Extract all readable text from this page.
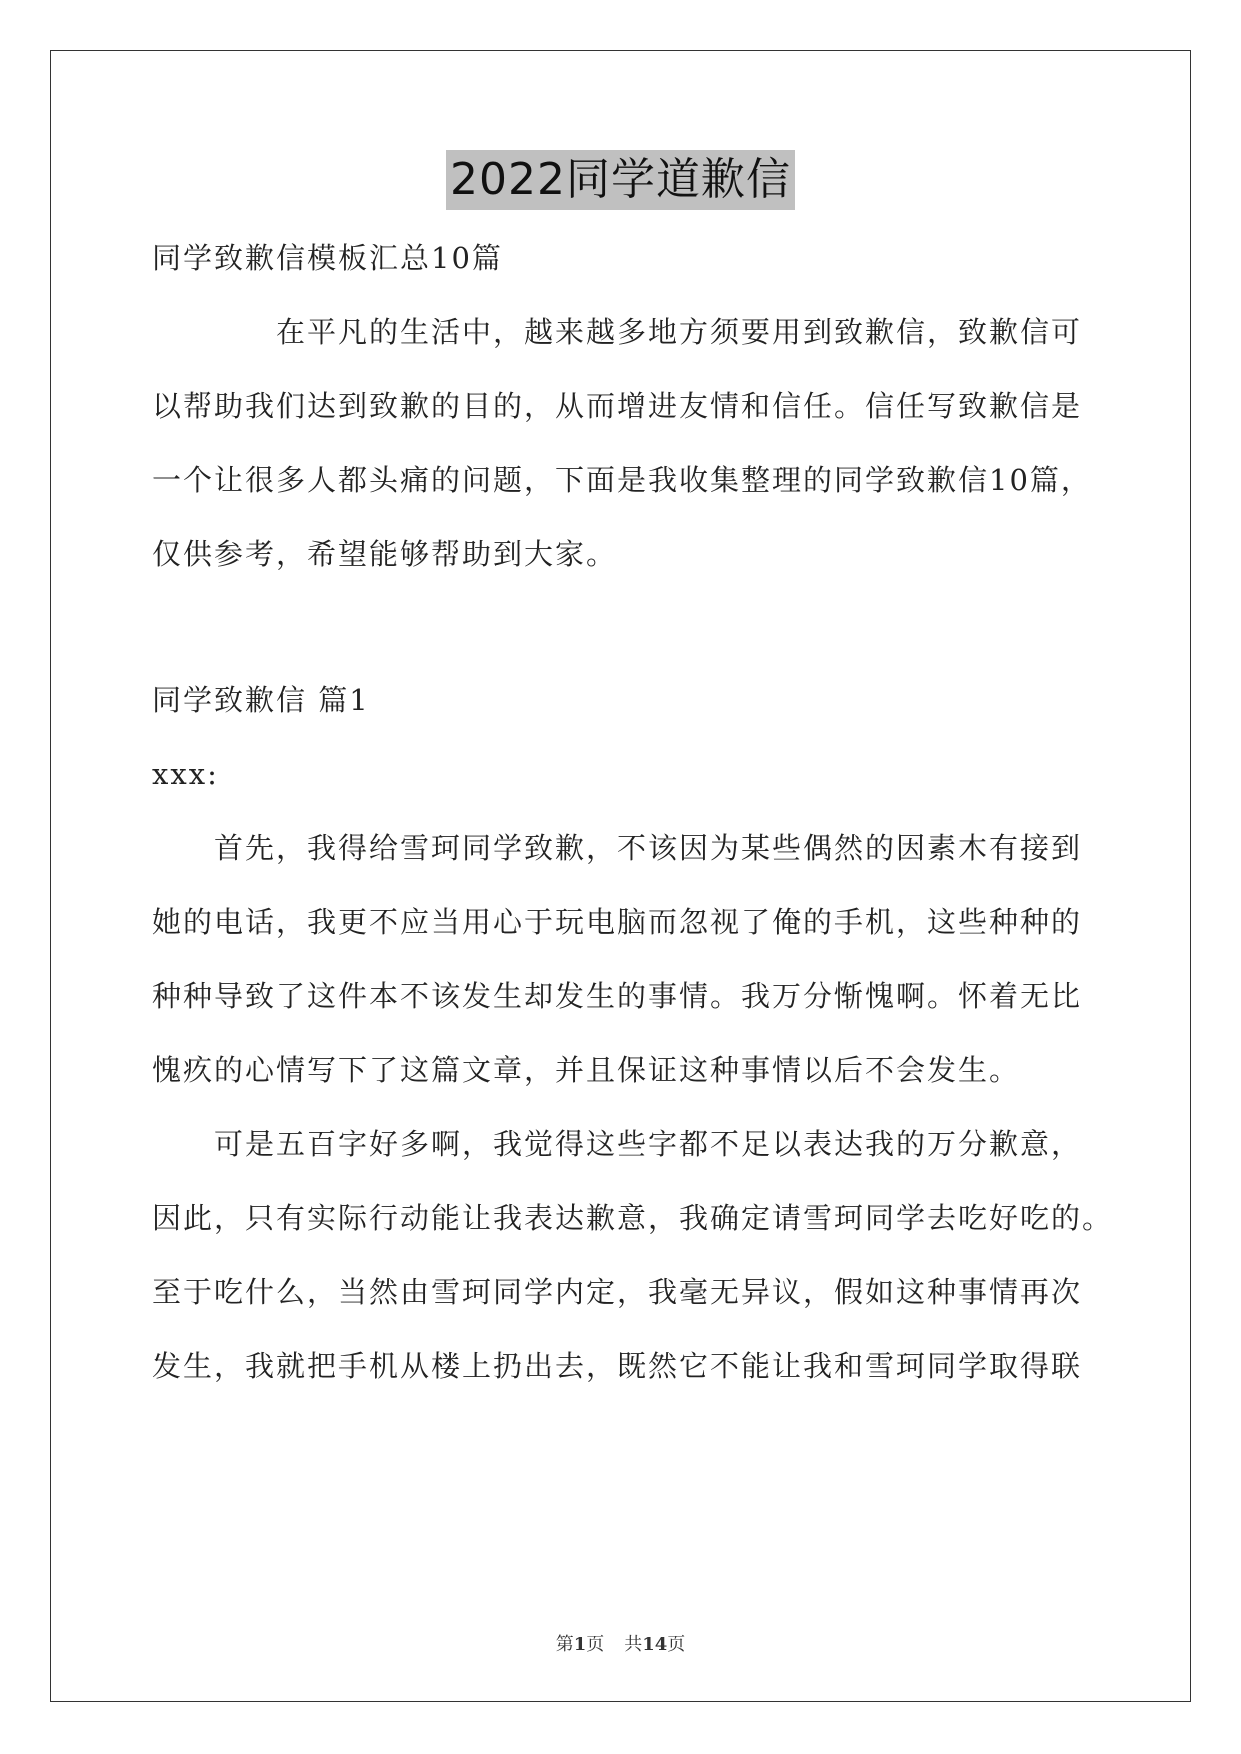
2022同学道歉信
同学致歉信模板汇总10篇
在平凡的生活中，越来越多地方须要用到致歉信，致歉信可
以帮助我们达到致歉的目的，从而增进友情和信任。信任写致歉信是
一个让很多人都头痛的问题，下面是我收集整理的同学致歉信10篇，
仅供参考，希望能够帮助到大家。
同学致歉信 篇1
xxx:
首先，我得给雪珂同学致歉，不该因为某些偶然的因素木有接到
她的电话，我更不应当用心于玩电脑而忽视了俺的手机，这些种种的
种种导致了这件本不该发生却发生的事情。我万分惭愧啊。怀着无比
愧疚的心情写下了这篇文章，并且保证这种事情以后不会发生。
可是五百字好多啊，我觉得这些字都不足以表达我的万分歉意，
因此，只有实际行动能让我表达歉意，我确定请雪珂同学去吃好吃的。
至于吃什么，当然由雪珂同学内定，我毫无异议，假如这种事情再次
发生，我就把手机从楼上扔出去，既然它不能让我和雪珂同学取得联
第1页 共14页
